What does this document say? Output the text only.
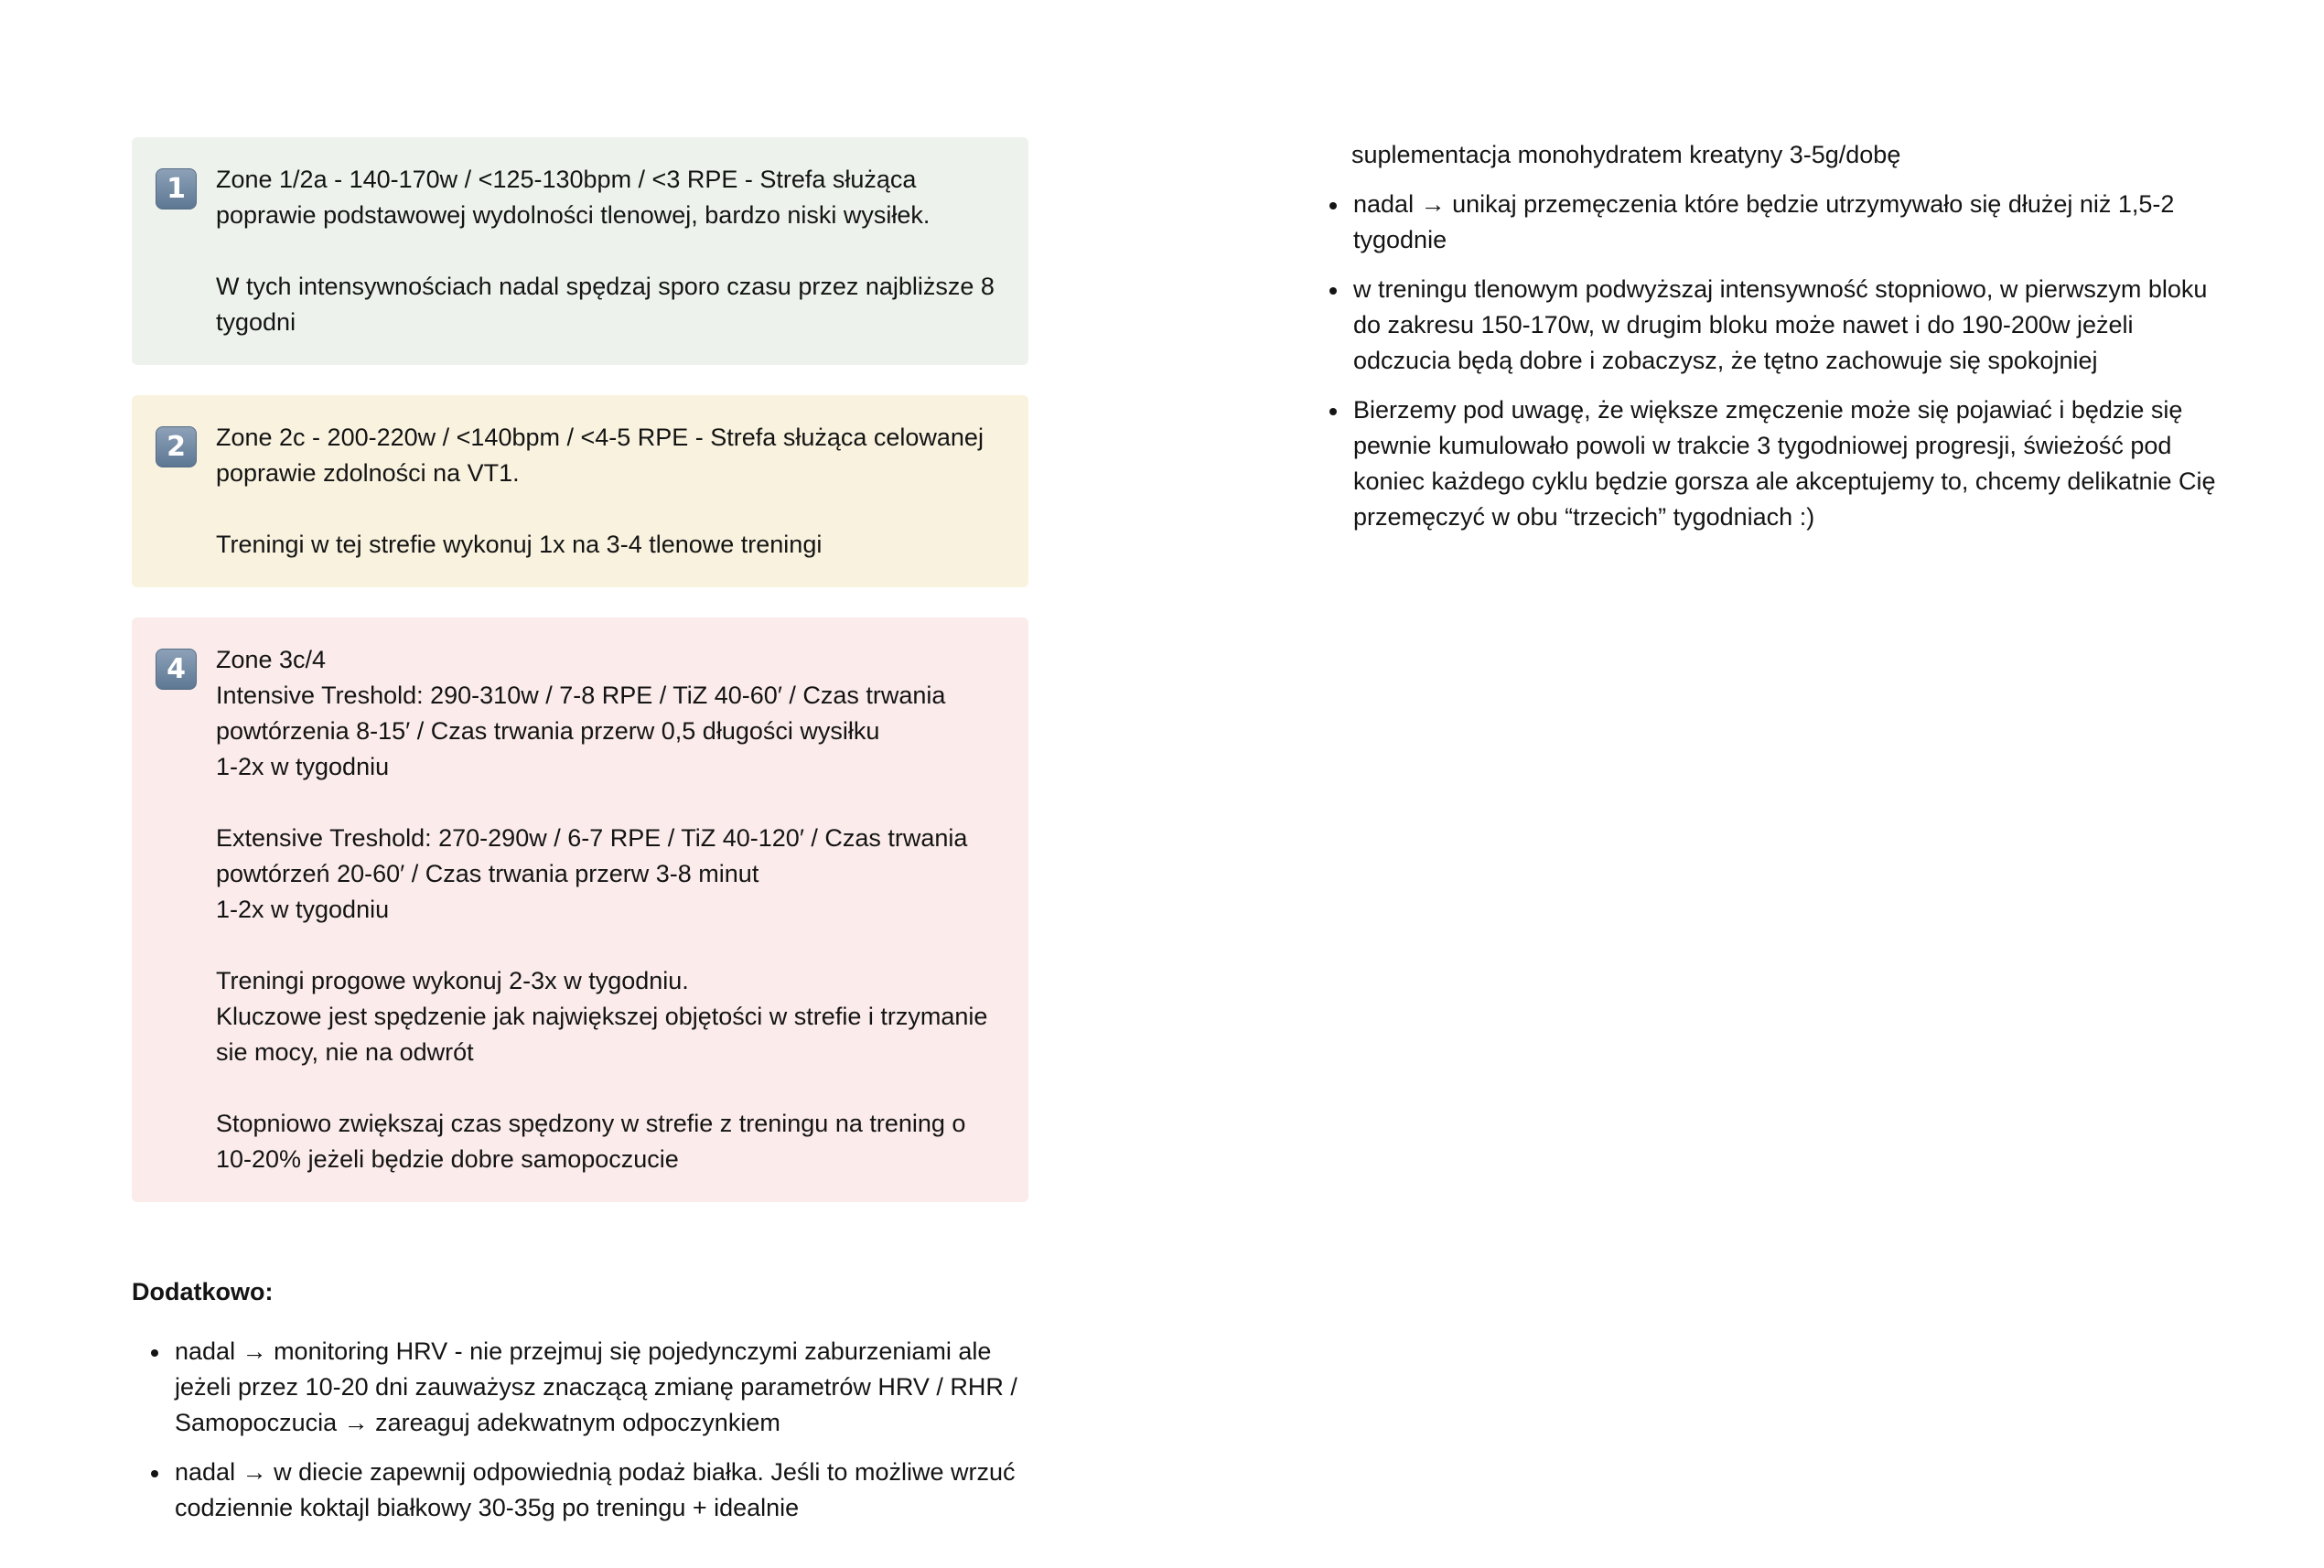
1	Zone 1/2a - 140-170w / <125-130bpm / <3 RPE - Strefa służąca poprawie podstawowej wydolności tlenowej, bardzo niski wysiłek.

W tych intensywnościach nadal spędzaj sporo czasu przez najbliższe 8 tygodni

2	Zone 2c - 200-220w / <140bpm / <4-5 RPE - Strefa służąca celowanej poprawie zdolności na VT1.

Treningi w tej strefie wykonuj 1x na 3-4 tlenowe treningi

4	Zone 3c/4

Intensive Treshold: 290-310w / 7-8 RPE / TiZ 40-60′ / Czas trwania powtórzenia 8-15′ / Czas trwania przerw 0,5 długości wysiłku

1-2x w tygodniu

Extensive Treshold: 270-290w / 6-7 RPE / TiZ 40-120′ / Czas trwania powtórzeń 20-60′ / Czas trwania przerw 3-8 minut

1-2x w tygodniu

Treningi progowe wykonuj 2-3x w tygodniu.

Kluczowe jest spędzenie jak największej objętości w strefie i trzymanie sie mocy, nie na odwrót

Stopniowo zwiększaj czas spędzony w strefie z treningu na trening o 10-20% jeżeli będzie dobre samopoczucie

Dodatkowo:

nadal → monitoring HRV - nie przejmuj się pojedynczymi zaburzeniami ale jeżeli przez 10-20 dni zauważysz znaczącą zmianę parametrów HRV / RHR / Samopoczucia → zareaguj adekwatnym odpoczynkiem
nadal → w diecie zapewnij odpowiednią podaż białka. Jeśli to możliwe wrzuć codziennie koktajl białkowy 30-35g po treningu + idealnie

suplementacja monohydratem kreatyny 3-5g/dobę

nadal → unikaj przemęczenia które będzie utrzymywało się dłużej niż 1,5-2 tygodnie
w treningu tlenowym podwyższaj intensywność stopniowo, w pierwszym bloku do zakresu 150-170w, w drugim bloku może nawet i do 190-200w jeżeli odczucia będą dobre i zobaczysz, że tętno zachowuje się spokojniej
Bierzemy pod uwagę, że większe zmęczenie może się pojawiać i będzie się pewnie kumulowało powoli w trakcie 3 tygodniowej progresji, świeżość pod koniec każdego cyklu będzie gorsza ale akceptujemy to, chcemy delikatnie Cię przemęczyć w obu “trzecich” tygodniach :)
